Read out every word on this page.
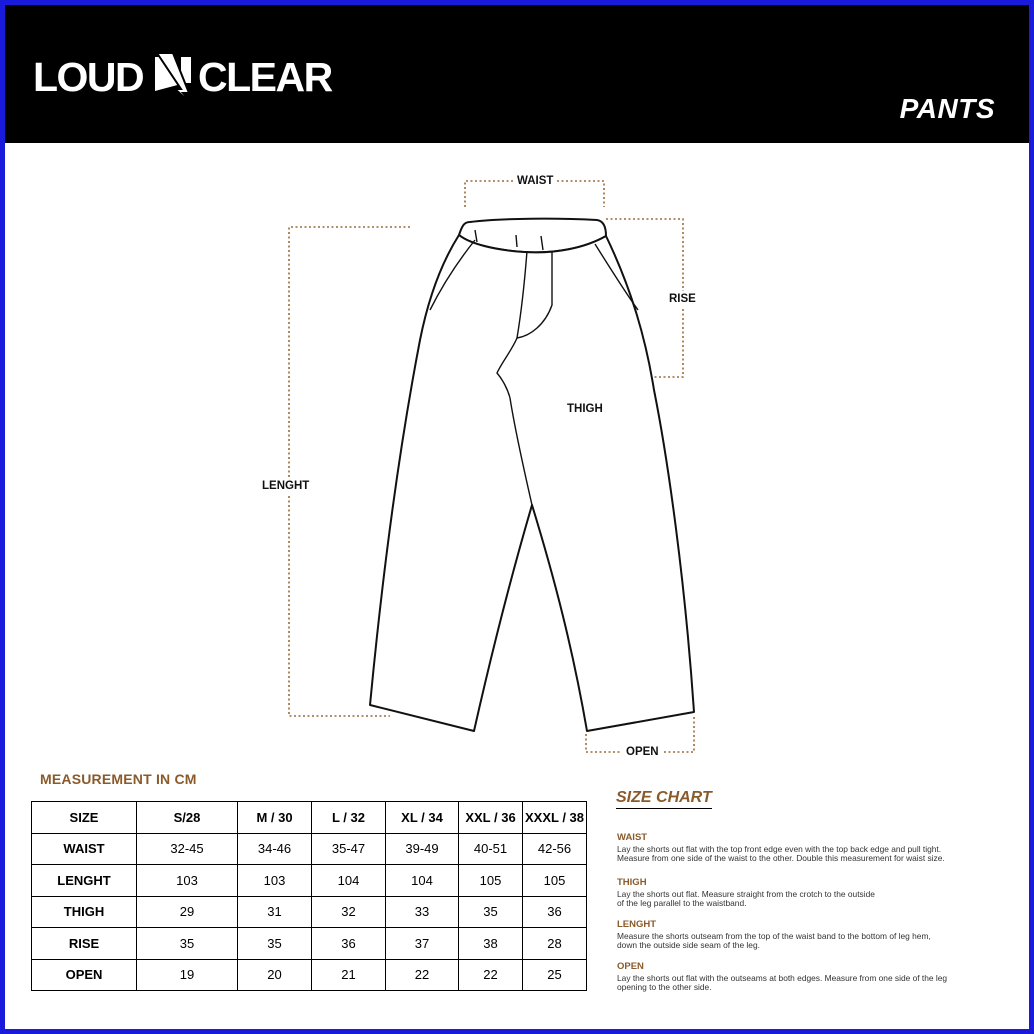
LOUD CLEAR
PANTS
WAIST
RISE
THIGH
LENGHT
OPEN
MEASUREMENT IN CM
SIZE	S/28	M / 30	L / 32	XL / 34	XXL / 36	XXXL / 38
WAIST	32-45	34-46	35-47	39-49	40-51	42-56
LENGHT	103	103	104	104	105	105
THIGH	29	31	32	33	35	36
RISE	35	35	36	37	38	28
OPEN	19	20	21	22	22	25
SIZE CHART

WAIST

Lay the shorts out flat with the top front edge even with the top back edge and pull tight.

Measure from one side of the waist to the other. Double this measurement for waist size.

THIGH

Lay the shorts out flat. Measure straight from the crotch to the outside

of the leg parallel to the waistband.

LENGHT

Measure the shorts outseam from the top of the waist band to the bottom of leg hem,

down the outside side seam of the leg.

OPEN

Lay the shorts out flat with the outseams at both edges. Measure from one side of the leg

opening to the other side.
